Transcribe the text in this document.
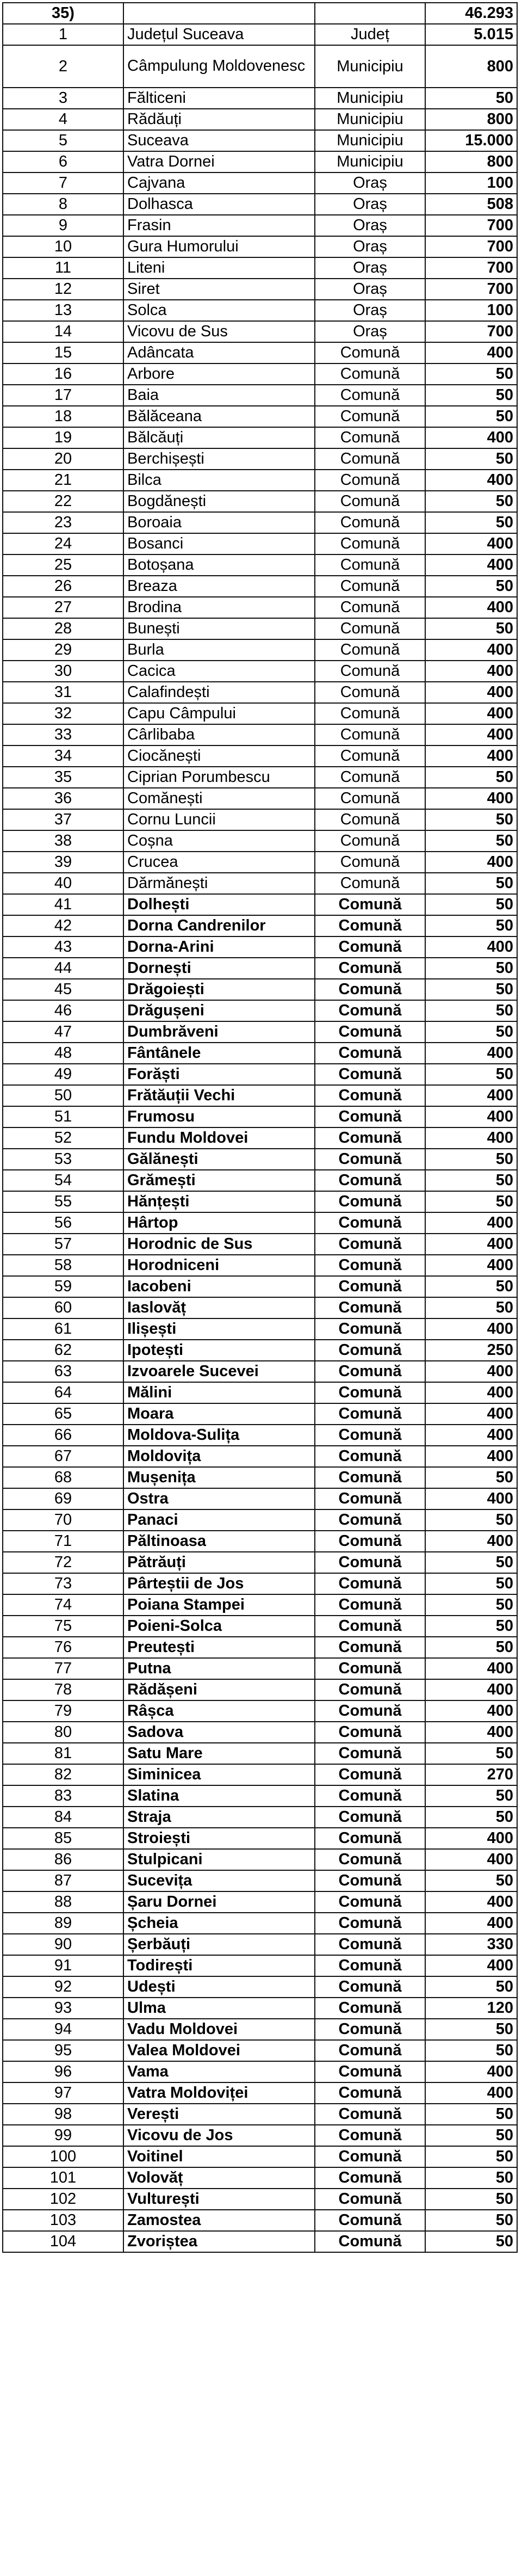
35)			46.293
1	Județul Suceava	Județ	5.015
2	Câmpulung Moldovenesc	Municipiu	800
3	Fălticeni	Municipiu	50
4	Rădăuți	Municipiu	800
5	Suceava	Municipiu	15.000
6	Vatra Dornei	Municipiu	800
7	Cajvana	Oraș	100
8	Dolhasca	Oraș	508
9	Frasin	Oraș	700
10	Gura Humorului	Oraș	700
11	Liteni	Oraș	700
12	Siret	Oraș	700
13	Solca	Oraș	100
14	Vicovu de Sus	Oraș	700
15	Adâncata	Comună	400
16	Arbore	Comună	50
17	Baia	Comună	50
18	Bălăceana	Comună	50
19	Bălcăuți	Comună	400
20	Berchișești	Comună	50
21	Bilca	Comună	400
22	Bogdănești	Comună	50
23	Boroaia	Comună	50
24	Bosanci	Comună	400
25	Botoșana	Comună	400
26	Breaza	Comună	50
27	Brodina	Comună	400
28	Bunești	Comună	50
29	Burla	Comună	400
30	Cacica	Comună	400
31	Calafindești	Comună	400
32	Capu Câmpului	Comună	400
33	Cârlibaba	Comună	400
34	Ciocănești	Comună	400
35	Ciprian Porumbescu	Comună	50
36	Comănești	Comună	400
37	Cornu Luncii	Comună	50
38	Coșna	Comună	50
39	Crucea	Comună	400
40	Dărmănești	Comună	50
41	Dolhești	Comună	50
42	Dorna Candrenilor	Comună	50
43	Dorna-Arini	Comună	400
44	Dornești	Comună	50
45	Drăgoiești	Comună	50
46	Drăgușeni	Comună	50
47	Dumbrăveni	Comună	50
48	Fântânele	Comună	400
49	Forăști	Comună	50
50	Frătăuții Vechi	Comună	400
51	Frumosu	Comună	400
52	Fundu Moldovei	Comună	400
53	Gălănești	Comună	50
54	Grămești	Comună	50
55	Hănțești	Comună	50
56	Hârtop	Comună	400
57	Horodnic de Sus	Comună	400
58	Horodniceni	Comună	400
59	Iacobeni	Comună	50
60	Iaslovăț	Comună	50
61	Ilișești	Comună	400
62	Ipotești	Comună	250
63	Izvoarele Sucevei	Comună	400
64	Mălini	Comună	400
65	Moara	Comună	400
66	Moldova-Sulița	Comună	400
67	Moldovița	Comună	400
68	Mușenița	Comună	50
69	Ostra	Comună	400
70	Panaci	Comună	50
71	Păltinoasa	Comună	400
72	Pătrăuți	Comună	50
73	Pârteștii de Jos	Comună	50
74	Poiana Stampei	Comună	50
75	Poieni-Solca	Comună	50
76	Preutești	Comună	50
77	Putna	Comună	400
78	Rădășeni	Comună	400
79	Râșca	Comună	400
80	Sadova	Comună	400
81	Satu Mare	Comună	50
82	Siminicea	Comună	270
83	Slatina	Comună	50
84	Straja	Comună	50
85	Stroiești	Comună	400
86	Stulpicani	Comună	400
87	Sucevița	Comună	50
88	Șaru Dornei	Comună	400
89	Șcheia	Comună	400
90	Șerbăuți	Comună	330
91	Todirești	Comună	400
92	Udești	Comună	50
93	Ulma	Comună	120
94	Vadu Moldovei	Comună	50
95	Valea Moldovei	Comună	50
96	Vama	Comună	400
97	Vatra Moldoviței	Comună	400
98	Verești	Comună	50
99	Vicovu de Jos	Comună	50
100	Voitinel	Comună	50
101	Volovăț	Comună	50
102	Vulturești	Comună	50
103	Zamostea	Comună	50
104	Zvoriștea	Comună	50
